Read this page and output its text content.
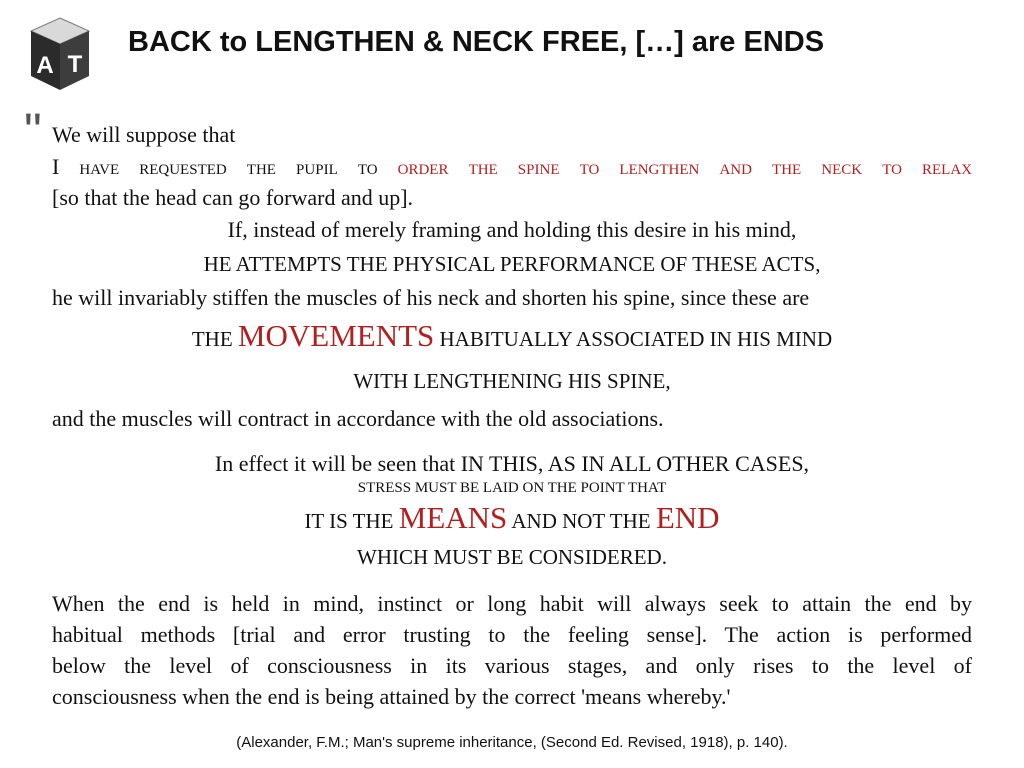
A T
BACK to LENGTHEN & NECK FREE, […] are ENDS
" We will suppose that
I have requested the pupil to order the spine to lengthen and the neck to relax
[so that the head can go forward and up].
If, instead of merely framing and holding this desire in his mind,
HE ATTEMPTS THE PHYSICAL PERFORMANCE OF THESE ACTS,
he will invariably stiffen the muscles of his neck and shorten his spine, since these are
THE MOVEMENTS HABITUALLY ASSOCIATED IN HIS MIND
WITH LENGTHENING HIS SPINE,
and the muscles will contract in accordance with the old associations.
In effect it will be seen that IN THIS, AS IN ALL OTHER CASES,
STRESS MUST BE LAID ON THE POINT THAT
IT IS THE MEANS AND NOT THE END
WHICH MUST BE CONSIDERED.
When the end is held in mind, instinct or long habit will always seek to attain the end by
habitual methods [trial and error trusting to the feeling sense]. The action is performed
below the level of consciousness in its various stages, and only rises to the level of
consciousness when the end is being attained by the correct 'means whereby.'
(Alexander, F.M.; Man's supreme inheritance, (Second Ed. Revised, 1918), p. 140).
